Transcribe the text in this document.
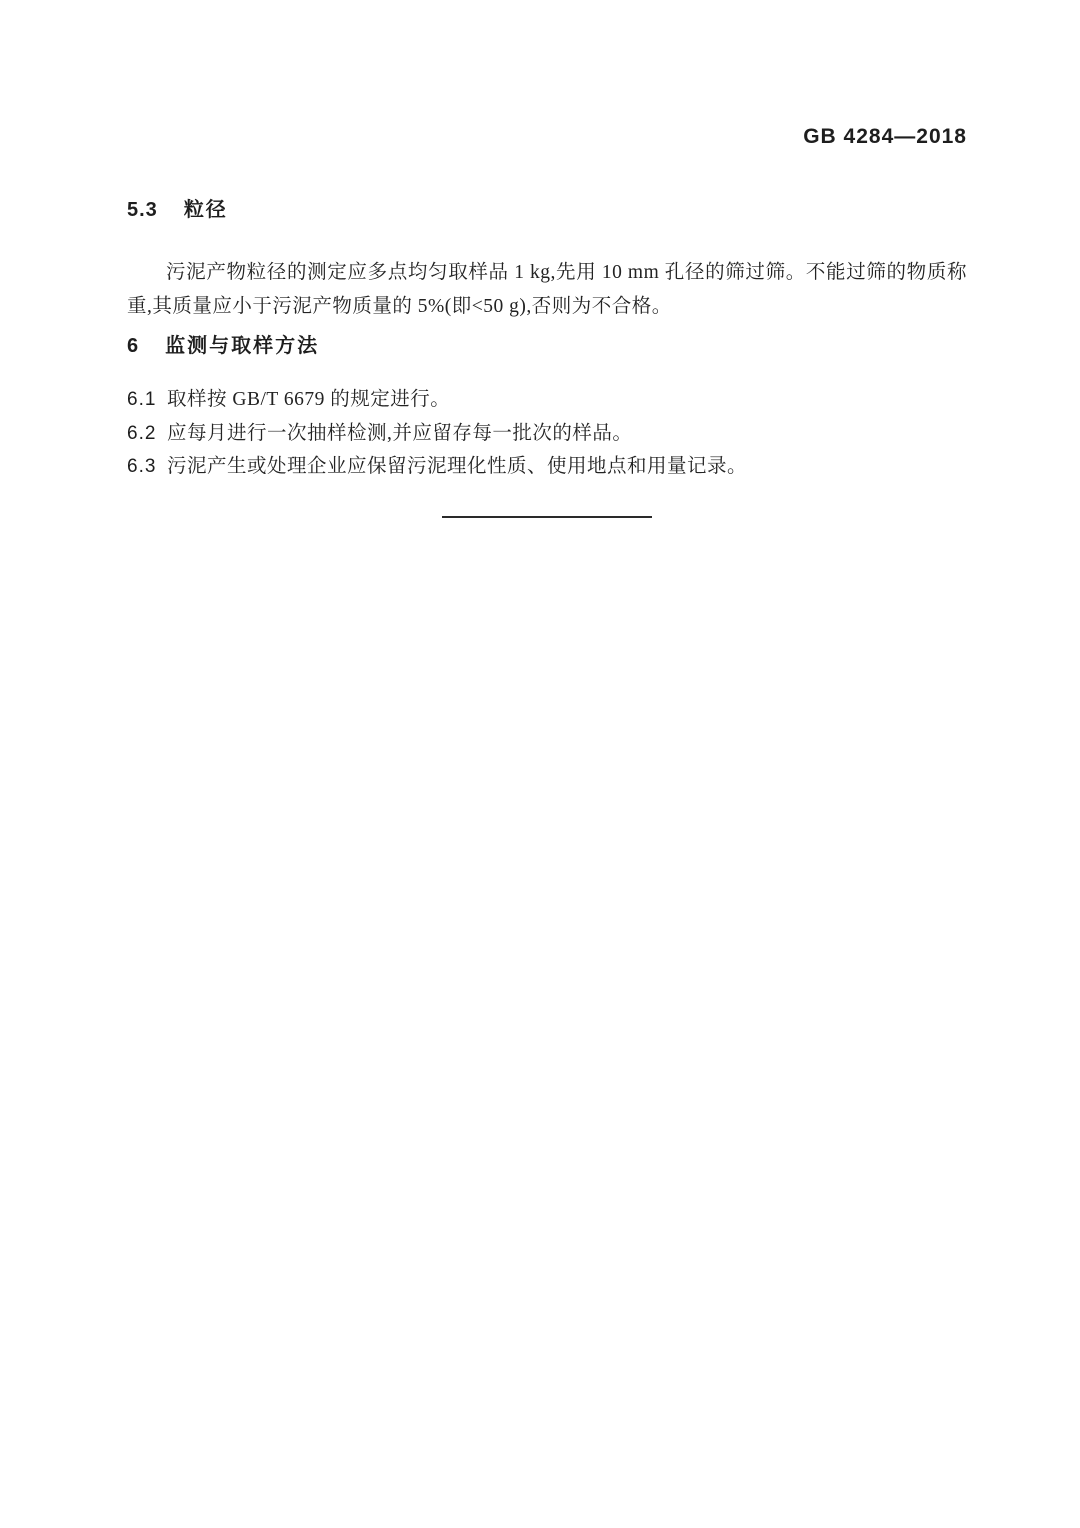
GB 4284—2018
5.3 粒径

污泥产物粒径的测定应多点均匀取样品 1 kg,先用 10 mm 孔径的筛过筛。不能过筛的物质称重,其质量应小于污泥产物质量的 5%(即<50 g),否则为不合格。

6 监测与取样方法
6.1 取样按 GB/T 6679 的规定进行。
6.2 应每月进行一次抽样检测,并应留存每一批次的样品。
6.3 污泥产生或处理企业应保留污泥理化性质、使用地点和用量记录。
